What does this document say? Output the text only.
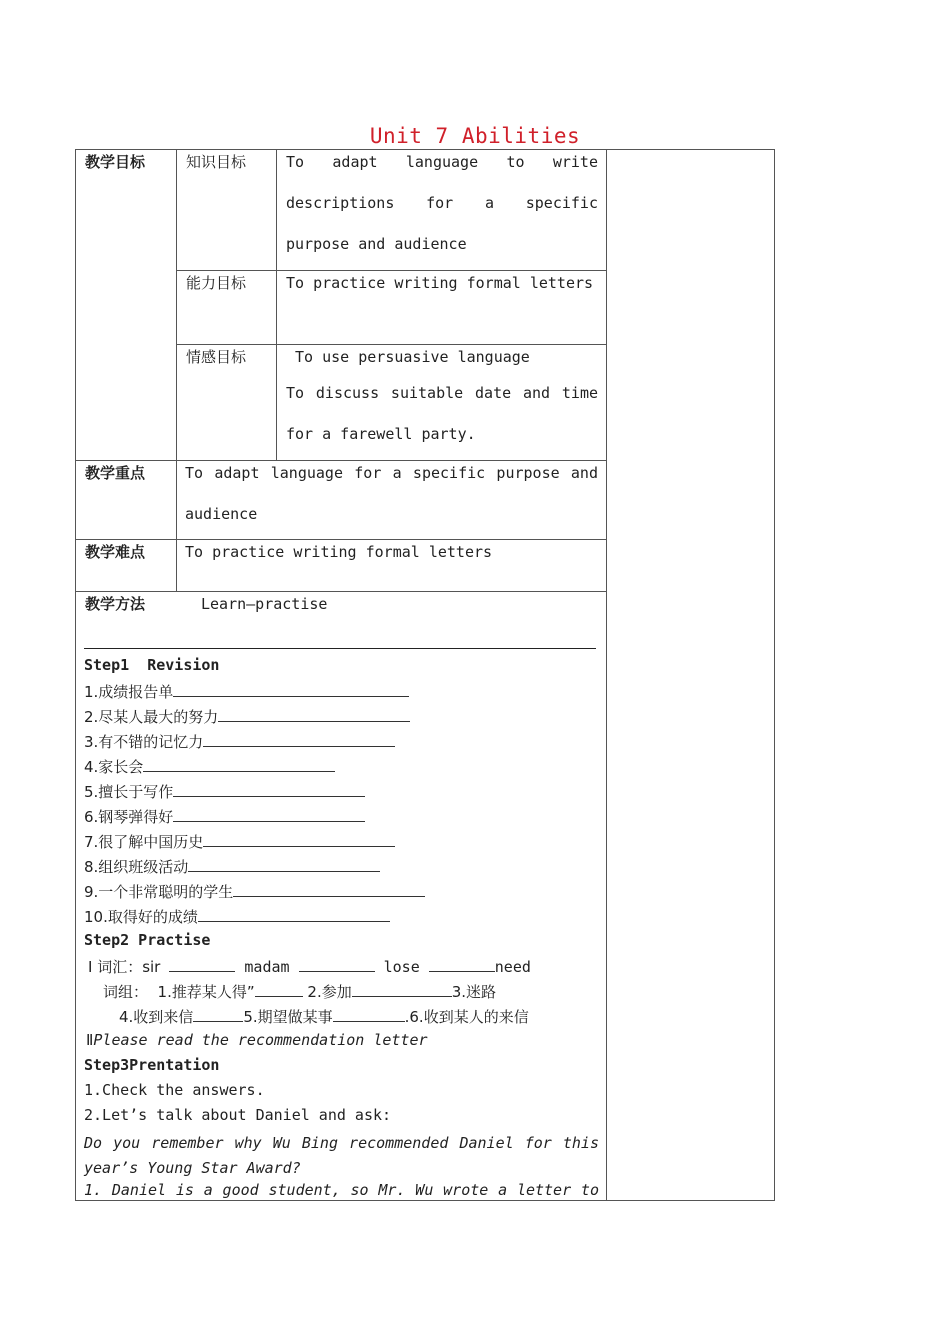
Unit 7 Abilities
教学目标	知识目标	To adapt language to write descriptions for a specific purpose and audience
能力目标	To practice writing formal letters
情感目标	To use persuasive language
To discuss suitable date and time for a farewell party.
教学重点	To adapt language for a specific purpose and audience
教学难点	To practice writing formal letters
教学方法	Learn—practise
Step1  Revision
1.成绩报告单
2.尽某人最大的努力
3.有不错的记忆力
4.家长会
5.擅长于写作
6.钢琴弹得好
7.很了解中国历史
8.组织班级活动
9.一个非常聪明的学生
10.取得好的成绩
Step2 Practise
Ⅰ 词汇：sir	madam	lose	need
词组：  1.推荐某人得”	2.参加	3.迷路
4.收到来信	5.期望做某事	.6.收到某人的来信
ⅡPlease read the recommendation letter
Step3Prentation
1.Check the answers.
2.Let’s talk about Daniel and ask:
Do you remember why Wu Bing recommended Daniel for this year’s Young Star Award?
1. Daniel is a good student, so Mr. Wu wrote a letter to
